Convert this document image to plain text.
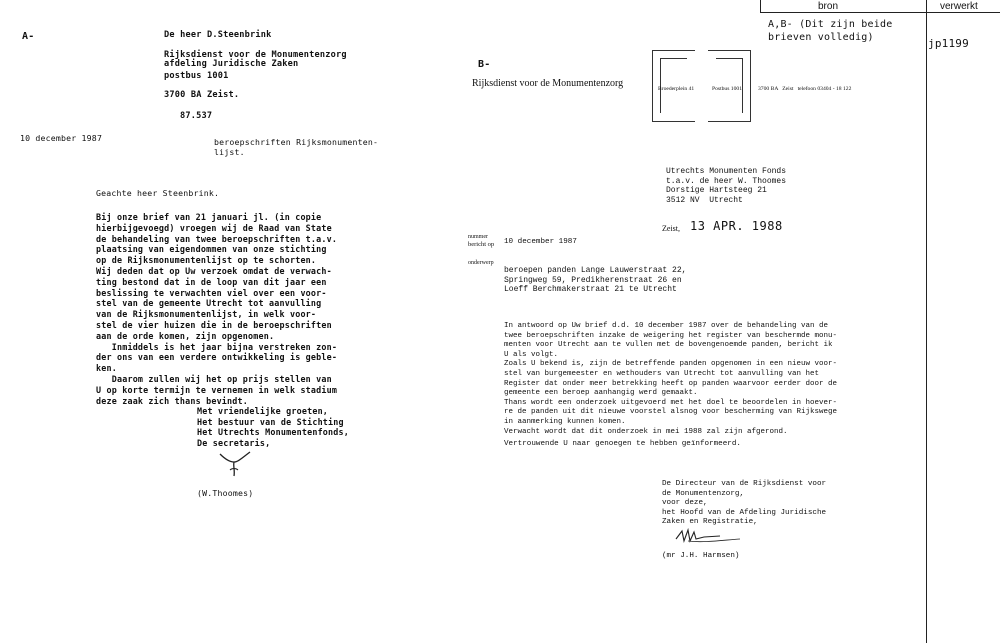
bron	verwerkt
A,B- (Dit zijn beide
brieven volledig)	jp1199
A-	De heer D.Steenbrink
Rijksdienst voor de Monumentenzorg
afdeling Juridische Zaken
postbus 1001
3700 BA Zeist.
87.537
10 december 1987	beroepschriften Rijksmonumenten-
lijst.
Geachte heer Steenbrink.
Bij onze brief van 21 januari jl. (in copie
hierbijgevoegd) vroegen wij de Raad van State
de behandeling van twee beroepschriften t.a.v.
plaatsing van eigendommen van onze stichting
op de Rijksmonumentenlijst op te schorten.
Wij deden dat op Uw verzoek omdat de verwach-
ting bestond dat in de loop van dit jaar een
beslissing te verwachten viel over een voor-
stel van de gemeente Utrecht tot aanvulling
van de Rijksmonumentenlijst, in welk voor-
stel de vier huizen die in de beroepschriften
aan de orde komen, zijn opgenomen.
Inmiddels is het jaar bijna verstreken zon-
der ons van een verdere ontwikkeling is geble-
ken.
Daarom zullen wij het op prijs stellen van
U op korte termijn te vernemen in welk stadium
deze zaak zich thans bevindt.
Met vriendelijke groeten,
Het bestuur van de Stichting
Het Utrechts Monumentenfonds,
De secretaris,
(W.Thoomes)
B-
Rijksdienst voor de Monumentenzorg	Broederplein 41	Postbus 1001	3700 BA   Zeist   telefoon 03404 - 18 122
Utrechts Monumenten Fonds
t.a.v. de heer W. Thoomes
Dorstige Hartsteeg 21
3512 NV  Utrecht
Zeist, 13 APR. 1988
nummer
bericht op 10 december 1987
onderwerp
beroepen panden Lange Lauwerstraat 22,
Springweg 59, Predikherenstraat 26 en
Loeff Berchmakerstraat 21 te Utrecht
In antwoord op Uw brief d.d. 10 december 1987 over de behandeling van de
twee beroepschriften inzake de weigering het register van beschermde monu-
menten voor Utrecht aan te vullen met de bovengenoemde panden, bericht ik
U als volgt.
Zoals U bekend is, zijn de betreffende panden opgenomen in een nieuw voor-
stel van burgemeester en wethouders van Utrecht tot aanvulling van het
Register dat onder meer betrekking heeft op panden waarvoor eerder door de
gemeente een beroep aanhangig werd gemaakt.
Thans wordt een onderzoek uitgevoerd met het doel te beoordelen in hoever-
re de panden uit dit nieuwe voorstel alsnog voor bescherming van Rijkswege
in aanmerking kunnen komen.
Verwacht wordt dat dit onderzoek in mei 1988 zal zijn afgerond.
Vertrouwende U naar genoegen te hebben geïnformeerd.
De Directeur van de Rijksdienst voor
de Monumentenzorg,
voor deze,
het Hoofd van de Afdeling Juridische
Zaken en Registratie,
(mr J.H. Harmsen)
